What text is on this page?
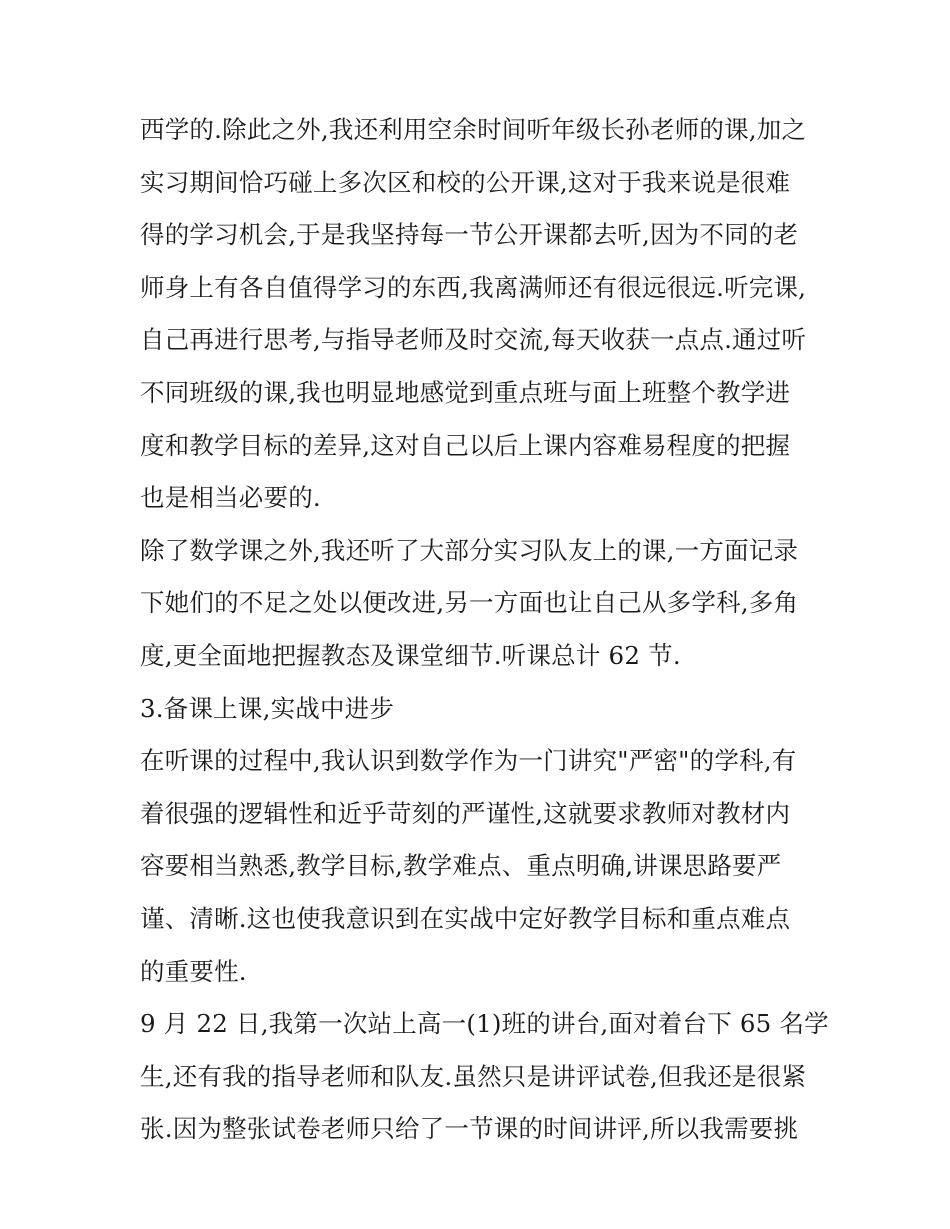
西学的.除此之外,我还利用空余时间听年级长孙老师的课,加之
实习期间恰巧碰上多次区和校的公开课,这对于我来说是很难
得的学习机会,于是我坚持每一节公开课都去听,因为不同的老
师身上有各自值得学习的东西,我离满师还有很远很远.听完课,
自己再进行思考,与指导老师及时交流,每天收获一点点.通过听
不同班级的课,我也明显地感觉到重点班与面上班整个教学进
度和教学目标的差异,这对自己以后上课内容难易程度的把握
也是相当必要的.
除了数学课之外,我还听了大部分实习队友上的课,一方面记录
下她们的不足之处以便改进,另一方面也让自己从多学科,多角
度,更全面地把握教态及课堂细节.听课总计 62 节.
3.备课上课,实战中进步
在听课的过程中,我认识到数学作为一门讲究"严密"的学科,有
着很强的逻辑性和近乎苛刻的严谨性,这就要求教师对教材内
容要相当熟悉,教学目标,教学难点、重点明确,讲课思路要严
谨、清晰.这也使我意识到在实战中定好教学目标和重点难点
的重要性.
9 月 22 日,我第一次站上高一(1)班的讲台,面对着台下 65 名学
生,还有我的指导老师和队友.虽然只是讲评试卷,但我还是很紧
张.因为整张试卷老师只给了一节课的时间讲评,所以我需要挑
